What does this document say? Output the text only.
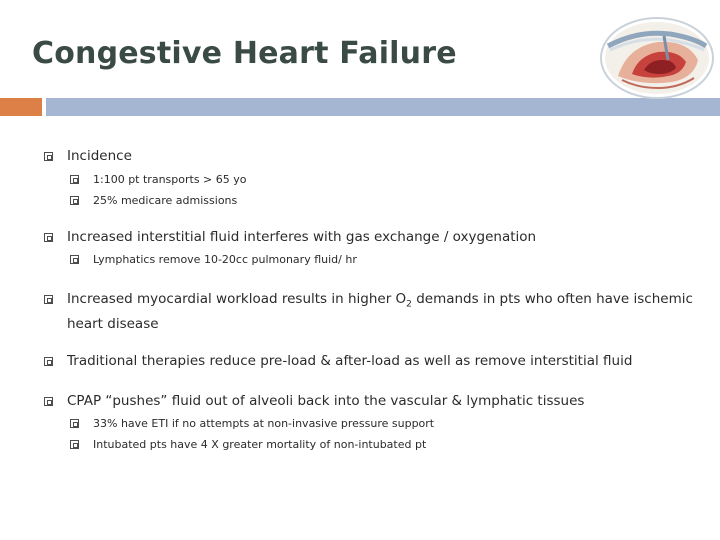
Congestive Heart Failure
Incidence
1:100 pt transports > 65 yo
25% medicare admissions
Increased interstitial fluid interferes with gas exchange / oxygenation
Lymphatics remove 10-20cc pulmonary fluid/ hr
Increased myocardial workload results in higher $O_2$ demands in pts who often have ischemic
heart disease
Traditional therapies reduce pre-load & after-load as well as remove interstitial fluid
CPAP “pushes” fluid out of alveoli back into the vascular & lymphatic tissues
33% have ETI if no attempts at non-invasive pressure support
Intubated pts have 4 X greater mortality of non-intubated pt
